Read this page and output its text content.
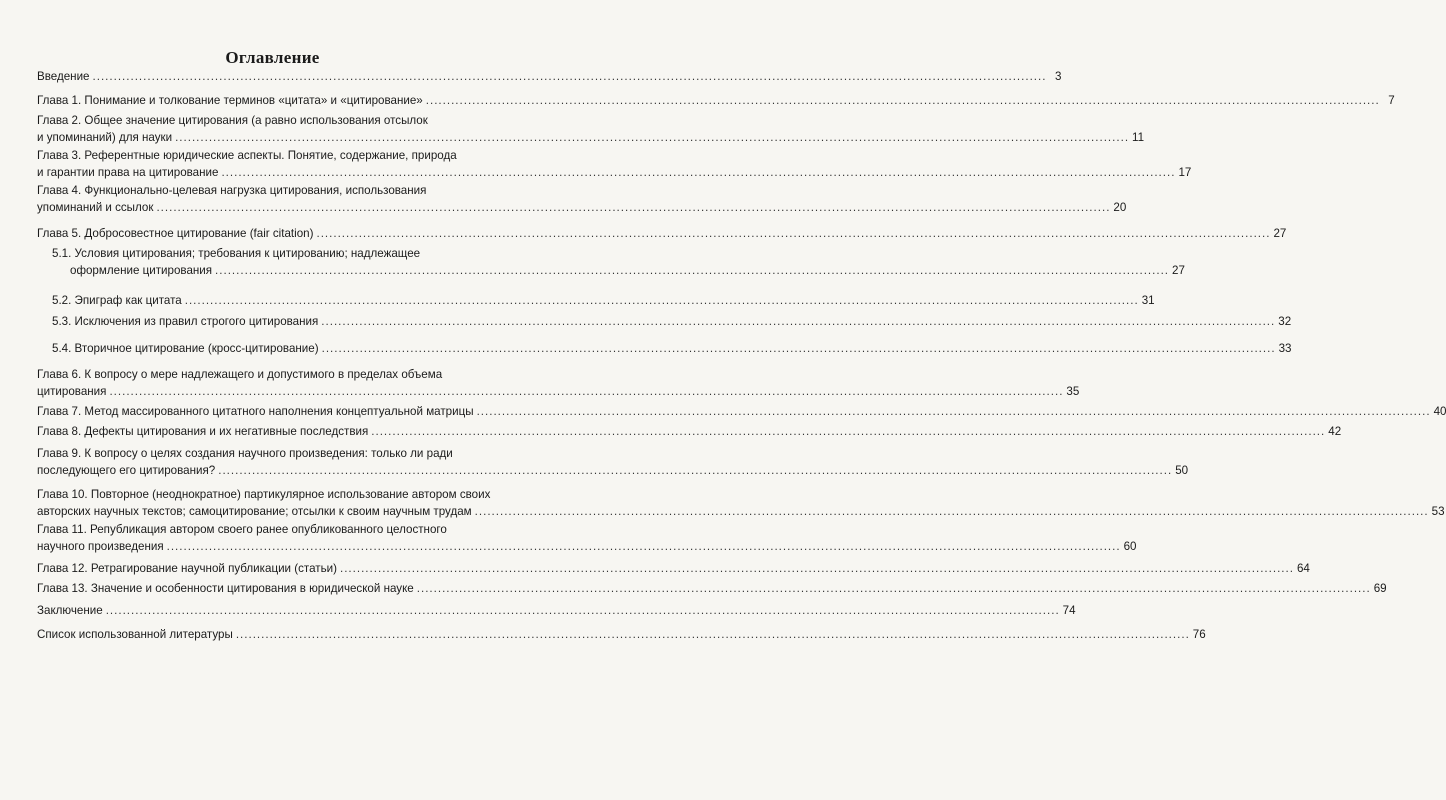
Оглавление
Введение .....	3
Глава 1. Понимание и толкование терминов «цитата» и «цитирование» .....	7
Глава 2. Общее значение цитирования (а равно использования отсылок
и упоминаний) для науки .....	11
Глава 3. Референтные юридические аспекты. Понятие, содержание, природа
и гарантии права на цитирование .....	17
Глава 4. Функционально-целевая нагрузка цитирования, использования
упоминаний и ссылок .....	20
Глава 5. Добросовестное цитирование (fair citation) .....	27
5.1. Условия цитирования; требования к цитированию; надлежащее
оформление цитирования .....	27
5.2. Эпиграф как цитата .....	31
5.3. Исключения из правил строгого цитирования .....	32
5.4. Вторичное цитирование (кросс-цитирование) .....	33
Глава 6. К вопросу о мере надлежащего и допустимого в пределах объема
цитирования .....	35
Глава 7. Метод массированного цитатного наполнения концептуальной матрицы .....	40
Глава 8. Дефекты цитирования и их негативные последствия .....	42
Глава 9. К вопросу о целях создания научного произведения: только ли ради
последующего его цитирования? .....	50
Глава 10. Повторное (неоднократное) партикулярное использование автором своих
авторских научных текстов; самоцитирование; отсылки к своим научным трудам .....	53
Глава 11. Републикация автором своего ранее опубликованного целостного
научного произведения .....	60
Глава 12. Ретрагирование научной публикации (статьи) .....	64
Глава 13. Значение и особенности цитирования в юридической науке .....	69
Заключение .....	74
Список использованной литературы .....	76
